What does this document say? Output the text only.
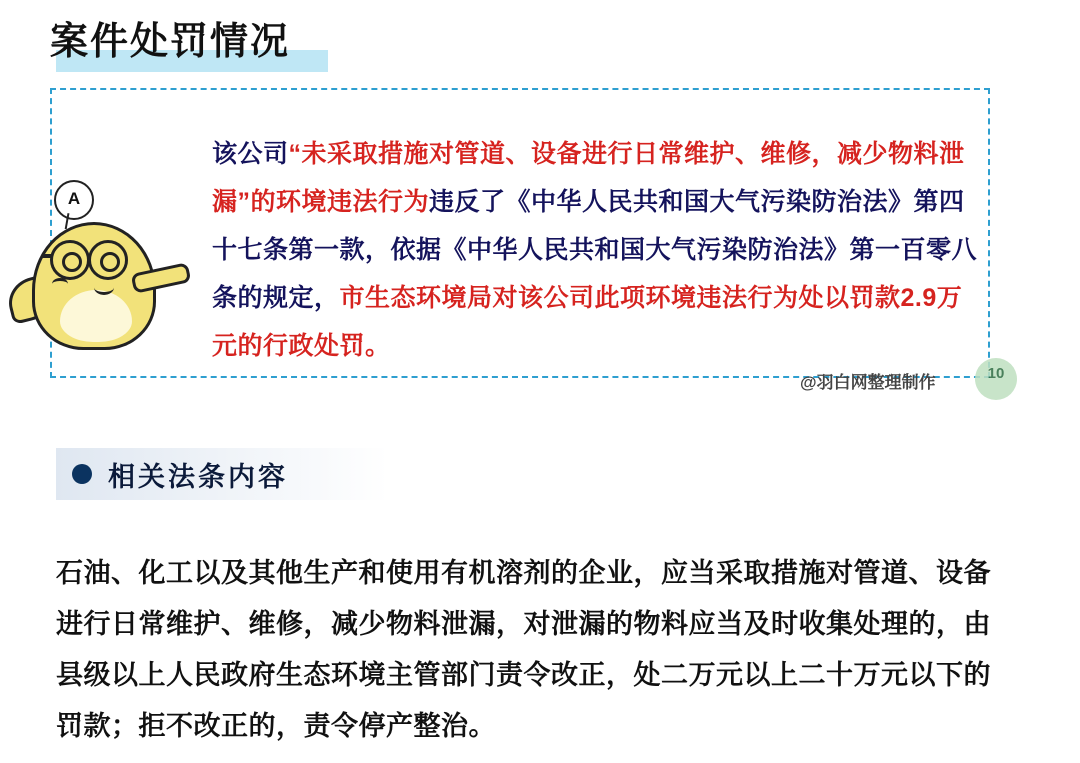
案件处罚情况
A
该公司“未采取措施对管道、设备进行日常维护、维修，减少物料泄漏”的环境违法行为违反了《中华人民共和国大气污染防治法》第四十七条第一款，依据《中华人民共和国大气污染防治法》第一百零八条的规定，市生态环境局对该公司此项环境违法行为处以罚款2.9万元的行政处罚。
@羽白网整理制作	10
相关法条内容
石油、化工以及其他生产和使用有机溶剂的企业，应当采取措施对管道、设备进行日常维护、维修，减少物料泄漏，对泄漏的物料应当及时收集处理的，由县级以上人民政府生态环境主管部门责令改正，处二万元以上二十万元以下的罚款；拒不改正的，责令停产整治。
